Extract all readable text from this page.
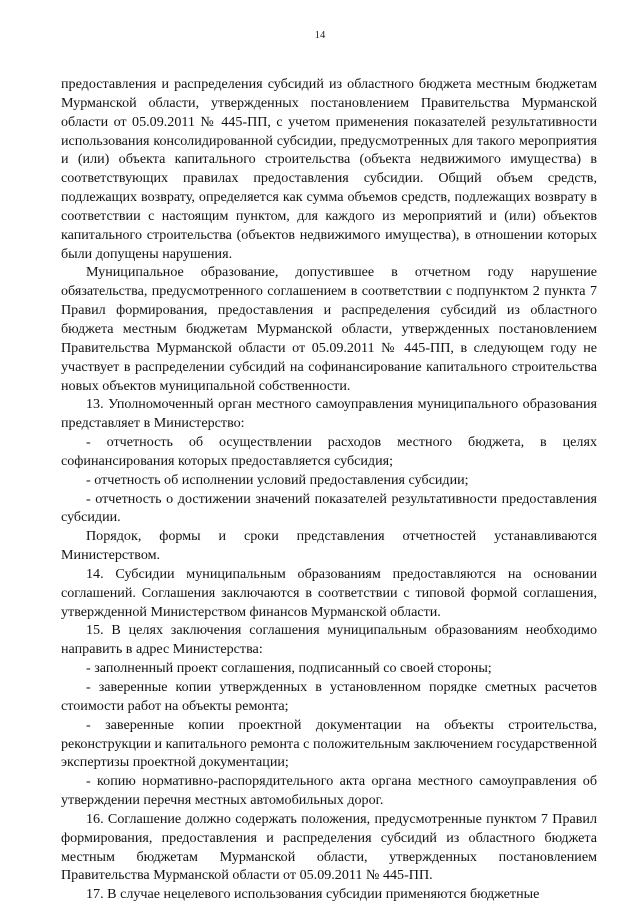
14

предоставления и распределения субсидий из областного бюджета местным бюджетам Мурманской области, утвержденных постановлением Правительства Мурманской области от 05.09.2011 № 445-ПП, с учетом применения показателей результативности использования консолидированной субсидии, предусмотренных для такого мероприятия и (или) объекта капитального строительства (объекта недвижимого имущества) в соответствующих правилах предоставления субсидии. Общий объем средств, подлежащих возврату, определяется как сумма объемов средств, подлежащих возврату в соответствии с настоящим пунктом, для каждого из мероприятий и (или) объектов капитального строительства (объектов недвижимого имущества), в отношении которых были допущены нарушения.

Муниципальное образование, допустившее в отчетном году нарушение обязательства, предусмотренного соглашением в соответствии с подпунктом 2 пункта 7 Правил формирования, предоставления и распределения субсидий из областного бюджета местным бюджетам Мурманской области, утвержденных постановлением Правительства Мурманской области от 05.09.2011 № 445-ПП, в следующем году не участвует в распределении субсидий на софинансирование капитального строительства новых объектов муниципальной собственности.

13. Уполномоченный орган местного самоуправления муниципального образования представляет в Министерство:

- отчетность об осуществлении расходов местного бюджета, в целях софинансирования которых предоставляется субсидия;

- отчетность об исполнении условий предоставления субсидии;

- отчетность о достижении значений показателей результативности предоставления субсидии.

Порядок, формы и сроки представления отчетностей устанавливаются Министерством.

14. Субсидии муниципальным образованиям предоставляются на основании соглашений. Соглашения заключаются в соответствии с типовой формой соглашения, утвержденной Министерством финансов Мурманской области.

15. В целях заключения соглашения муниципальным образованиям необходимо направить в адрес Министерства:

- заполненный проект соглашения, подписанный со своей стороны;

- заверенные копии утвержденных в установленном порядке сметных расчетов стоимости работ на объекты ремонта;

- заверенные копии проектной документации на объекты строительства, реконструкции и капитального ремонта с положительным заключением государственной экспертизы проектной документации;

- копию нормативно-распорядительного акта органа местного самоуправления об утверждении перечня местных автомобильных дорог.

16. Соглашение должно содержать положения, предусмотренные пунктом 7 Правил формирования, предоставления и распределения субсидий из областного бюджета местным бюджетам Мурманской области, утвержденных постановлением Правительства Мурманской области от 05.09.2011 № 445-ПП.

17. В случае нецелевого использования субсидии применяются бюджетные
